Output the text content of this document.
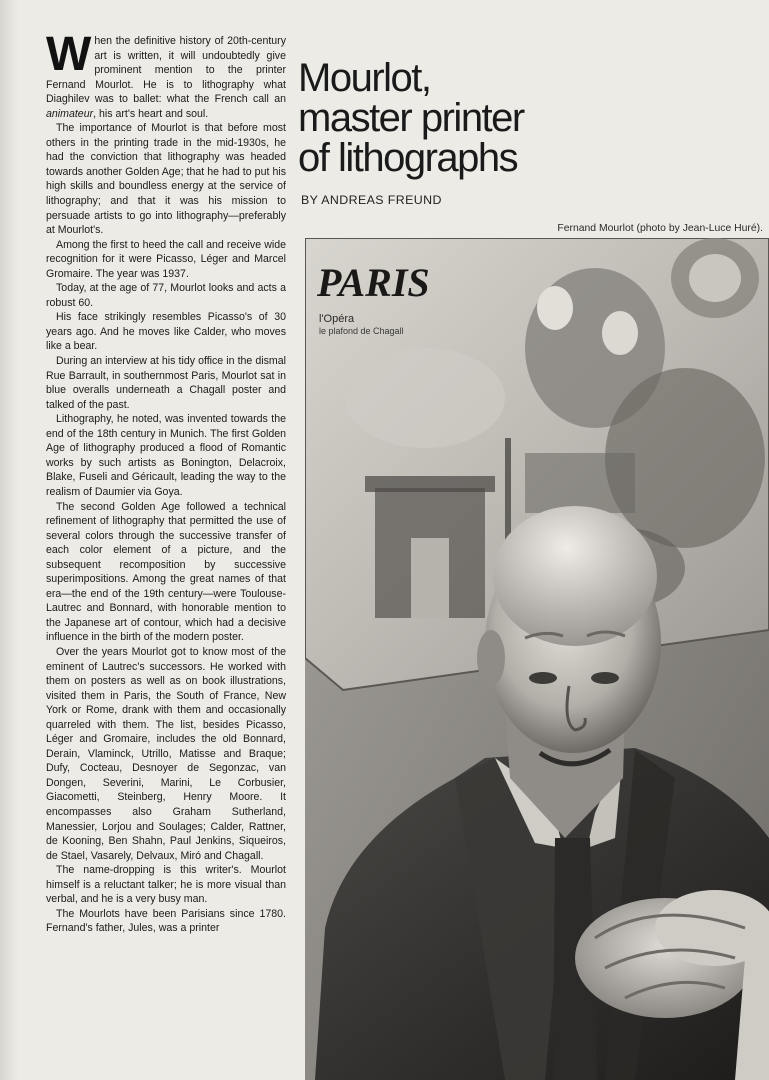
When the definitive history of 20th-century art is written, it will undoubtedly give prominent mention to the printer Fernand Mourlot. He is to lithography what Diaghilev was to ballet: what the French call an animateur, his art's heart and soul.

The importance of Mourlot is that before most others in the printing trade in the mid-1930s, he had the conviction that lithography was headed towards another Golden Age; that he had to put his high skills and boundless energy at the service of lithography; and that it was his mission to persuade artists to go into lithography—preferably at Mourlot's.

Among the first to heed the call and receive wide recognition for it were Picasso, Léger and Marcel Gromaire. The year was 1937.

Today, at the age of 77, Mourlot looks and acts a robust 60.

His face strikingly resembles Picasso's of 30 years ago. And he moves like Calder, who moves like a bear.

During an interview at his tidy office in the dismal Rue Barrault, in southernmost Paris, Mourlot sat in blue overalls underneath a Chagall poster and talked of the past.

Lithography, he noted, was invented towards the end of the 18th century in Munich. The first Golden Age of lithography produced a flood of Romantic works by such artists as Bonington, Delacroix, Blake, Fuseli and Géricault, leading the way to the realism of Daumier via Goya.

The second Golden Age followed a technical refinement of lithography that permitted the use of several colors through the successive transfer of each color element of a picture, and the subsequent recomposition by successive superimpositions. Among the great names of that era—the end of the 19th century—were Toulouse-Lautrec and Bonnard, with honorable mention to the Japanese art of contour, which had a decisive influence in the birth of the modern poster.

Over the years Mourlot got to know most of the eminent of Lautrec's successors. He worked with them on posters as well as on book illustrations, visited them in Paris, the South of France, New York or Rome, drank with them and occasionally quarreled with them. The list, besides Picasso, Léger and Gromaire, includes the old Bonnard, Derain, Vlaminck, Utrillo, Matisse and Braque; Dufy, Cocteau, Desnoyer de Segonzac, van Dongen, Severini, Marini, Le Corbusier, Giacometti, Steinberg, Henry Moore. It encompasses also Graham Sutherland, Manessier, Lorjou and Soulages; Calder, Rattner, de Kooning, Ben Shahn, Paul Jenkins, Siqueiros, de Stael, Vasarely, Delvaux, Miró and Chagall.

The name-dropping is this writer's. Mourlot himself is a reluctant talker; he is more visual than verbal, and he is a very busy man.

The Mourlots have been Parisians since 1780. Fernand's father, Jules, was a printer

Mourlot,
master printer
of lithographs
BY ANDREAS FREUND
Fernand Mourlot (photo by Jean-Luce Huré).
PARIS
l'Opéra
le plafond de Chagall
